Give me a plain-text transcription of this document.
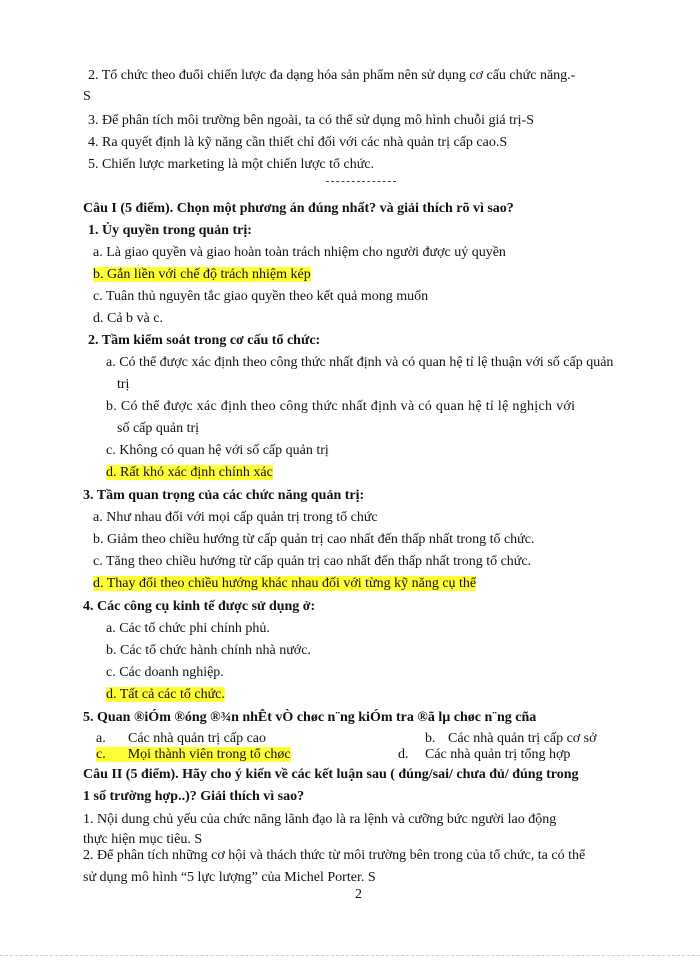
2. Tổ chức theo đuổi chiến lược đa dạng hóa sản phẩm nên sử dụng cơ cấu chức năng.-
S
3. Để phân tích môi trường bên ngoài, ta có thể sử dụng mô hình chuỗi giá trị-S
4. Ra quyết định là kỹ năng cần thiết chỉ đối với các nhà quản trị cấp cao.S
5. Chiến lược marketing là một chiến lược tổ chức.
Câu I (5 điểm). Chọn một phương án đúng nhất? và giải thích rõ vì sao?
1. Ủy quyền trong quản trị:
a. Là giao quyền và giao hoàn toàn trách nhiệm cho người được uỷ quyền
b. Gắn liền với chế độ trách nhiệm kép
c. Tuân thủ nguyên tắc giao quyền theo kết quả mong muốn
d. Cả b và c.
2. Tầm kiểm soát trong cơ cấu tổ chức:
a. Có thể được xác định theo công thức nhất định và có quan hệ tỉ lệ thuận với số cấp quản
trị
b. Có thể được xác định theo công thức nhất định và có quan hệ tỉ lệ nghịch với
số cấp quản trị
c. Không có quan hệ với số cấp quản trị
d. Rất khó xác định chính xác
3. Tầm quan trọng của các chức năng quản trị:
a. Như nhau đối với mọi cấp quản trị trong tổ chức
b. Giảm theo chiều hướng từ cấp quản trị cao nhất đến thấp nhất trong tổ chức.
c. Tăng theo chiều hướng từ cấp quản trị cao nhất đến thấp nhất trong tổ chức.
d. Thay đổi theo chiều hướng khác nhau đối với từng kỹ năng cụ thể
4. Các công cụ kinh tế được sử dụng ở:
a. Các tổ chức phi chính phủ.
b. Các tổ chức hành chính nhà nước.
c. Các doanh nghiệp.
d. Tất cả các tổ chức.
5. Quan ®iÓm ®óng ®¾n nhÊt vÒ chøc n¨ng kiÓm tra ®ã lµ chøc n¨ng cña
a. Các nhà quản trị cấp cao	b. Các nhà quản trị cấp cơ sở
c. Mọi thành viên trong tổ chøc	d. Các nhà quản trị tổng hợp
Câu II (5 điểm). Hãy cho ý kiến về các kết luận sau ( đúng/sai/ chưa đủ/ đúng trong
1 số trường hợp..)? Giải thích vì sao?
1. Nội dung chủ yếu của chức năng lãnh đạo là ra lệnh và cưỡng bức người lao động
thực hiện mục tiêu. S
2. Để phân tích những cơ hội và thách thức từ môi trường bên trong của tổ chức, ta có thể
sử dụng mô hình “5 lực lượng” của Michel Porter. S
2
